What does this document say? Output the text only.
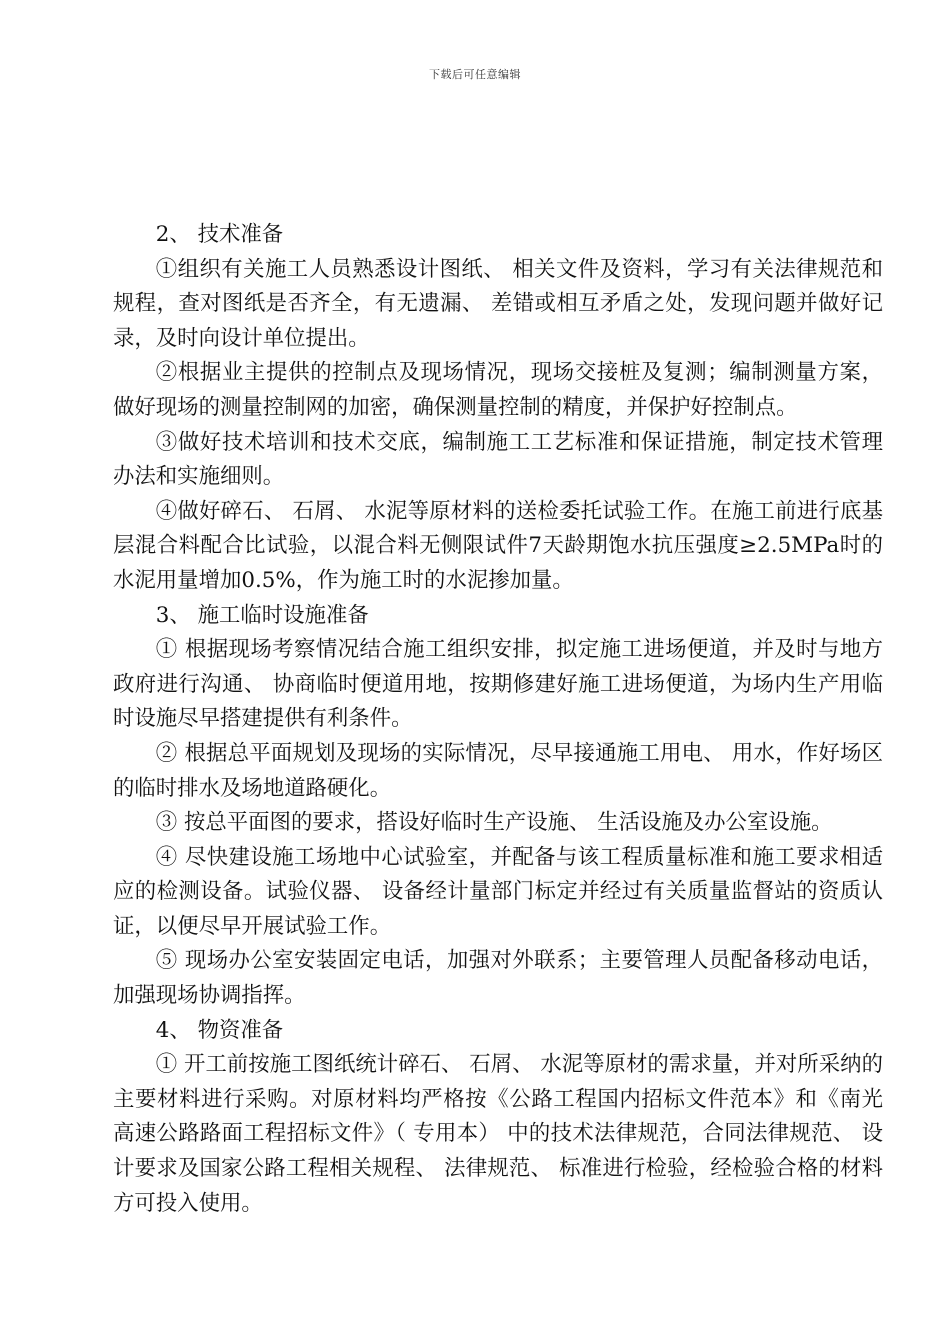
下载后可任意编辑

2、 技术准备

①组织有关施工人员熟悉设计图纸、 相关文件及资料，学习有关法律规范和规程，查对图纸是否齐全，有无遗漏、 差错或相互矛盾之处，发现问题并做好记录，及时向设计单位提出。

②根据业主提供的控制点及现场情况，现场交接桩及复测；编制测量方案，做好现场的测量控制网的加密，确保测量控制的精度，并保护好控制点。

③做好技术培训和技术交底，编制施工工艺标准和保证措施，制定技术管理办法和实施细则。

④做好碎石、 石屑、 水泥等原材料的送检委托试验工作。在施工前进行底基层混合料配合比试验，以混合料无侧限试件7天龄期饱水抗压强度≥2.5MPa时的水泥用量增加0.5%，作为施工时的水泥掺加量。

3、 施工临时设施准备

① 根据现场考察情况结合施工组织安排，拟定施工进场便道，并及时与地方政府进行沟通、 协商临时便道用地，按期修建好施工进场便道，为场内生产用临时设施尽早搭建提供有利条件。

② 根据总平面规划及现场的实际情况，尽早接通施工用电、 用水，作好场区的临时排水及场地道路硬化。

③ 按总平面图的要求，搭设好临时生产设施、 生活设施及办公室设施。

④ 尽快建设施工场地中心试验室，并配备与该工程质量标准和施工要求相适应的检测设备。试验仪器、 设备经计量部门标定并经过有关质量监督站的资质认证，以便尽早开展试验工作。

⑤ 现场办公室安装固定电话，加强对外联系；主要管理人员配备移动电话，加强现场协调指挥。

4、 物资准备

① 开工前按施工图纸统计碎石、 石屑、 水泥等原材的需求量，并对所采纳的主要材料进行采购。对原材料均严格按《公路工程国内招标文件范本》和《南光高速公路路面工程招标文件》（ 专用本） 中的技术法律规范，合同法律规范、 设计要求及国家公路工程相关规程、 法律规范、 标准进行检验，经检验合格的材料方可投入使用。
